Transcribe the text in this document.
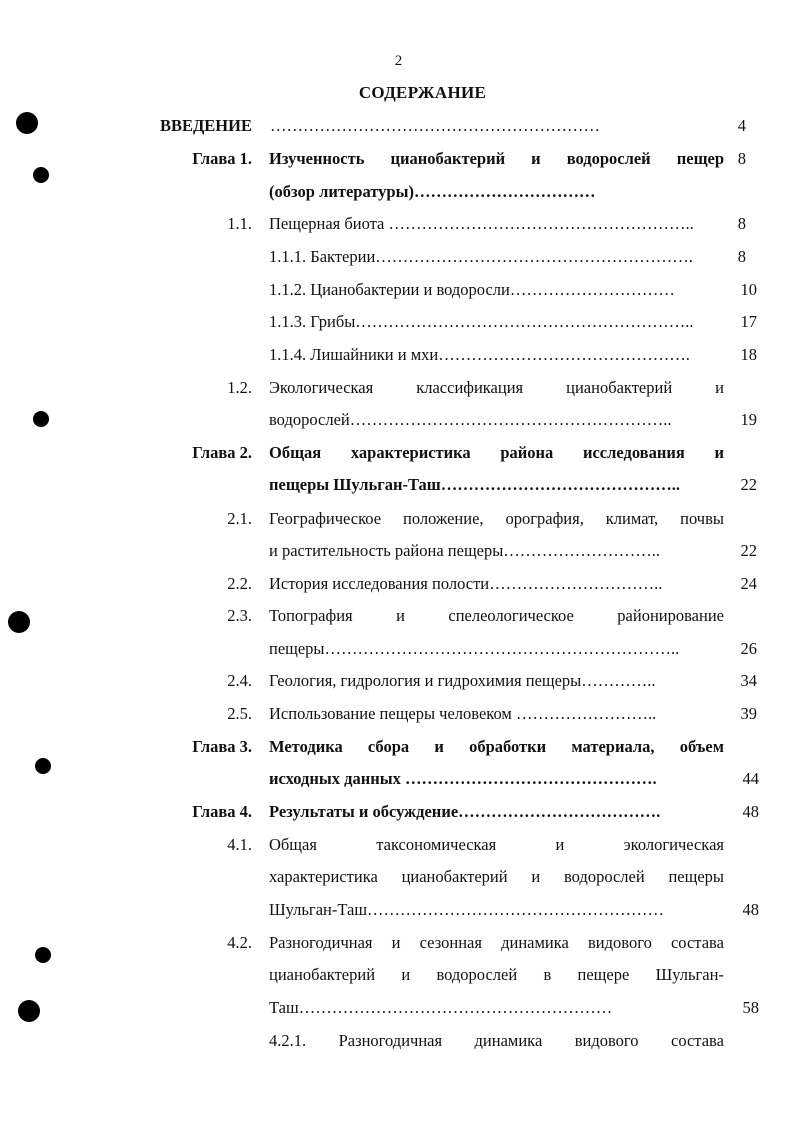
2
СОДЕРЖАНИЕ
ВВЕДЕНИЕ ……………………………………………………	4
Глава 1. Изученность цианобактерий и водорослей пещер 8
(обзор литературы)……………………………
1.1. Пещерная биота ………………………………………………..	8
1.1.1. Бактерии………………………………………………….	8
1.1.2. Цианобактерии и водоросли…………………………	10
1.1.3. Грибы……………………………………………………..	17
1.1.4. Лишайники и мхи……………………………………….	18
1.2. Экологическая	классификация	цианобактерий	и
водорослей…………………………………………………..	19
Глава 2. Общая характеристика района исследования и
пещеры Шульган-Таш……………………………………..	22
2.1. Географическое положение, орография, климат, почвы
и растительность района пещеры………………………..	22
2.2. История исследования полости…………………………..	24
2.3. Топография	и	спелеологическое	районирование
пещеры………………………………………………………..	26
2.4. Геология, гидрология и гидрохимия пещеры…………..	34
2.5. Использование пещеры человеком ……………………..	39
Глава 3. Методика сбора и обработки материала, объем
исходных данных ……………………………………….	44
Глава 4. Результаты и обсуждение……………………………….	48
4.1. Общая	таксономическая	и	экологическая
характеристика цианобактерий и водорослей пещеры
Шульган-Таш………………………………………………	48
4.2. Разногодичная и сезонная динамика видового состава
цианобактерий и водорослей в пещере Шульган-
Таш…………………………………………………	58
4.2.1. Разногодичная динамика видового состава
